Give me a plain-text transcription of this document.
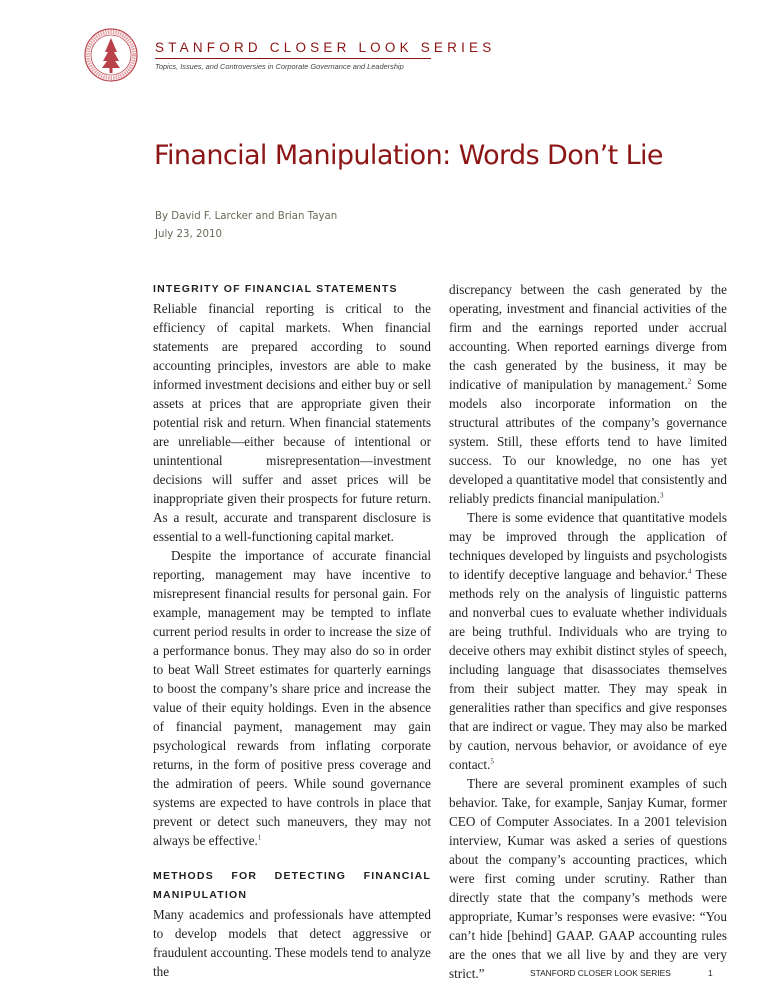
STANFORD CLOSER LOOK SERIES
Topics, Issues, and Controversies in Corporate Governance and Leadership
Financial Manipulation: Words Don’t Lie
By David F. Larcker and Brian Tayan
July 23, 2010
INTEGRITY OF FINANCIAL STATEMENTS

Reliable financial reporting is critical to the efficiency of capital markets. When financial statements are prepared according to sound accounting principles, investors are able to make informed investment decisions and either buy or sell assets at prices that are appropriate given their potential risk and return. When financial statements are unreliable—either because of intentional or unintentional misrepresentation—investment decisions will suffer and asset prices will be inappropriate given their prospects for future return. As a result, accurate and transparent disclosure is essential to a well-functioning capital market.

Despite the importance of accurate financial reporting, management may have incentive to misrepresent financial results for personal gain. For example, management may be tempted to inflate current period results in order to increase the size of a performance bonus. They may also do so in order to beat Wall Street estimates for quarterly earnings to boost the company’s share price and increase the value of their equity holdings. Even in the absence of financial payment, management may gain psychological rewards from inflating corporate returns, in the form of positive press coverage and the admiration of peers. While sound governance systems are expected to have controls in place that prevent or detect such maneuvers, they may not always be effective.$^1$

METHODS FOR DETECTING FINANCIAL MANIPULATION

Many academics and professionals have attempted to develop models that detect aggressive or fraudulent accounting. These models tend to analyze the

discrepancy between the cash generated by the operating, investment and financial activities of the firm and the earnings reported under accrual accounting. When reported earnings diverge from the cash generated by the business, it may be indicative of manipulation by management.$^2$ Some models also incorporate information on the structural attributes of the company’s governance system. Still, these efforts tend to have limited success. To our knowledge, no one has yet developed a quantitative model that consistently and reliably predicts financial manipulation.$^3$

There is some evidence that quantitative models may be improved through the application of techniques developed by linguists and psychologists to identify deceptive language and behavior.$^4$ These methods rely on the analysis of linguistic patterns and nonverbal cues to evaluate whether individuals are being truthful. Individuals who are trying to deceive others may exhibit distinct styles of speech, including language that disassociates themselves from their subject matter. They may speak in generalities rather than specifics and give responses that are indirect or vague. They may also be marked by caution, nervous behavior, or avoidance of eye contact.$^5$

There are several prominent examples of such behavior. Take, for example, Sanjay Kumar, former CEO of Computer Associates. In a 2001 television interview, Kumar was asked a series of questions about the company’s accounting practices, which were first coming under scrutiny. Rather than directly state that the company’s methods were appropriate, Kumar’s responses were evasive: “You can’t hide [behind] GAAP. GAAP accounting rules are the ones that we all live by and they are very strict.”	STANFORD CLOSER LOOK SERIES	1
